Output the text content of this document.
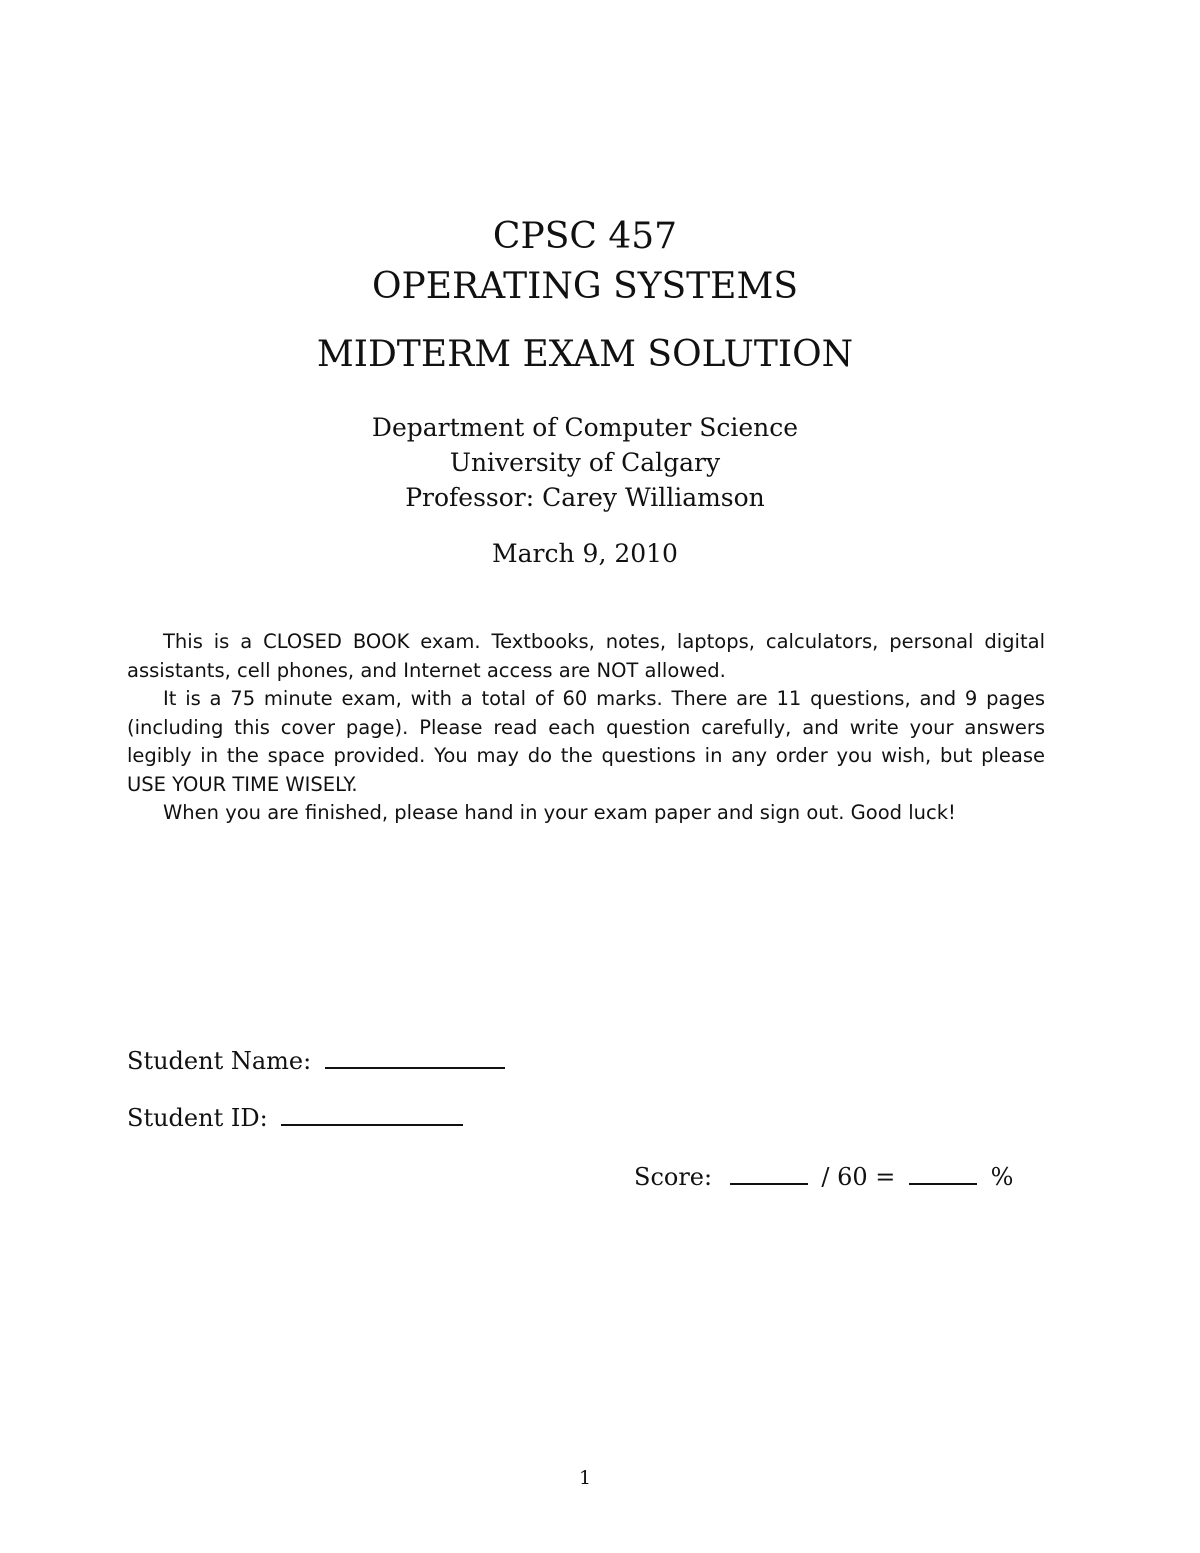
CPSC 457
OPERATING SYSTEMS
MIDTERM EXAM SOLUTION
Department of Computer Science
University of Calgary
Professor: Carey Williamson
March 9, 2010

This is a CLOSED BOOK exam. Textbooks, notes, laptops, calculators, personal digital assistants, cell phones, and Internet access are NOT allowed.

It is a 75 minute exam, with a total of 60 marks. There are 11 questions, and 9 pages (including this cover page). Please read each question carefully, and write your answers legibly in the space provided. You may do the questions in any order you wish, but please USE YOUR TIME WISELY.

When you are finished, please hand in your exam paper and sign out. Good luck!

Student Name:
Student ID:
Score:	/ 60 =	%
1
